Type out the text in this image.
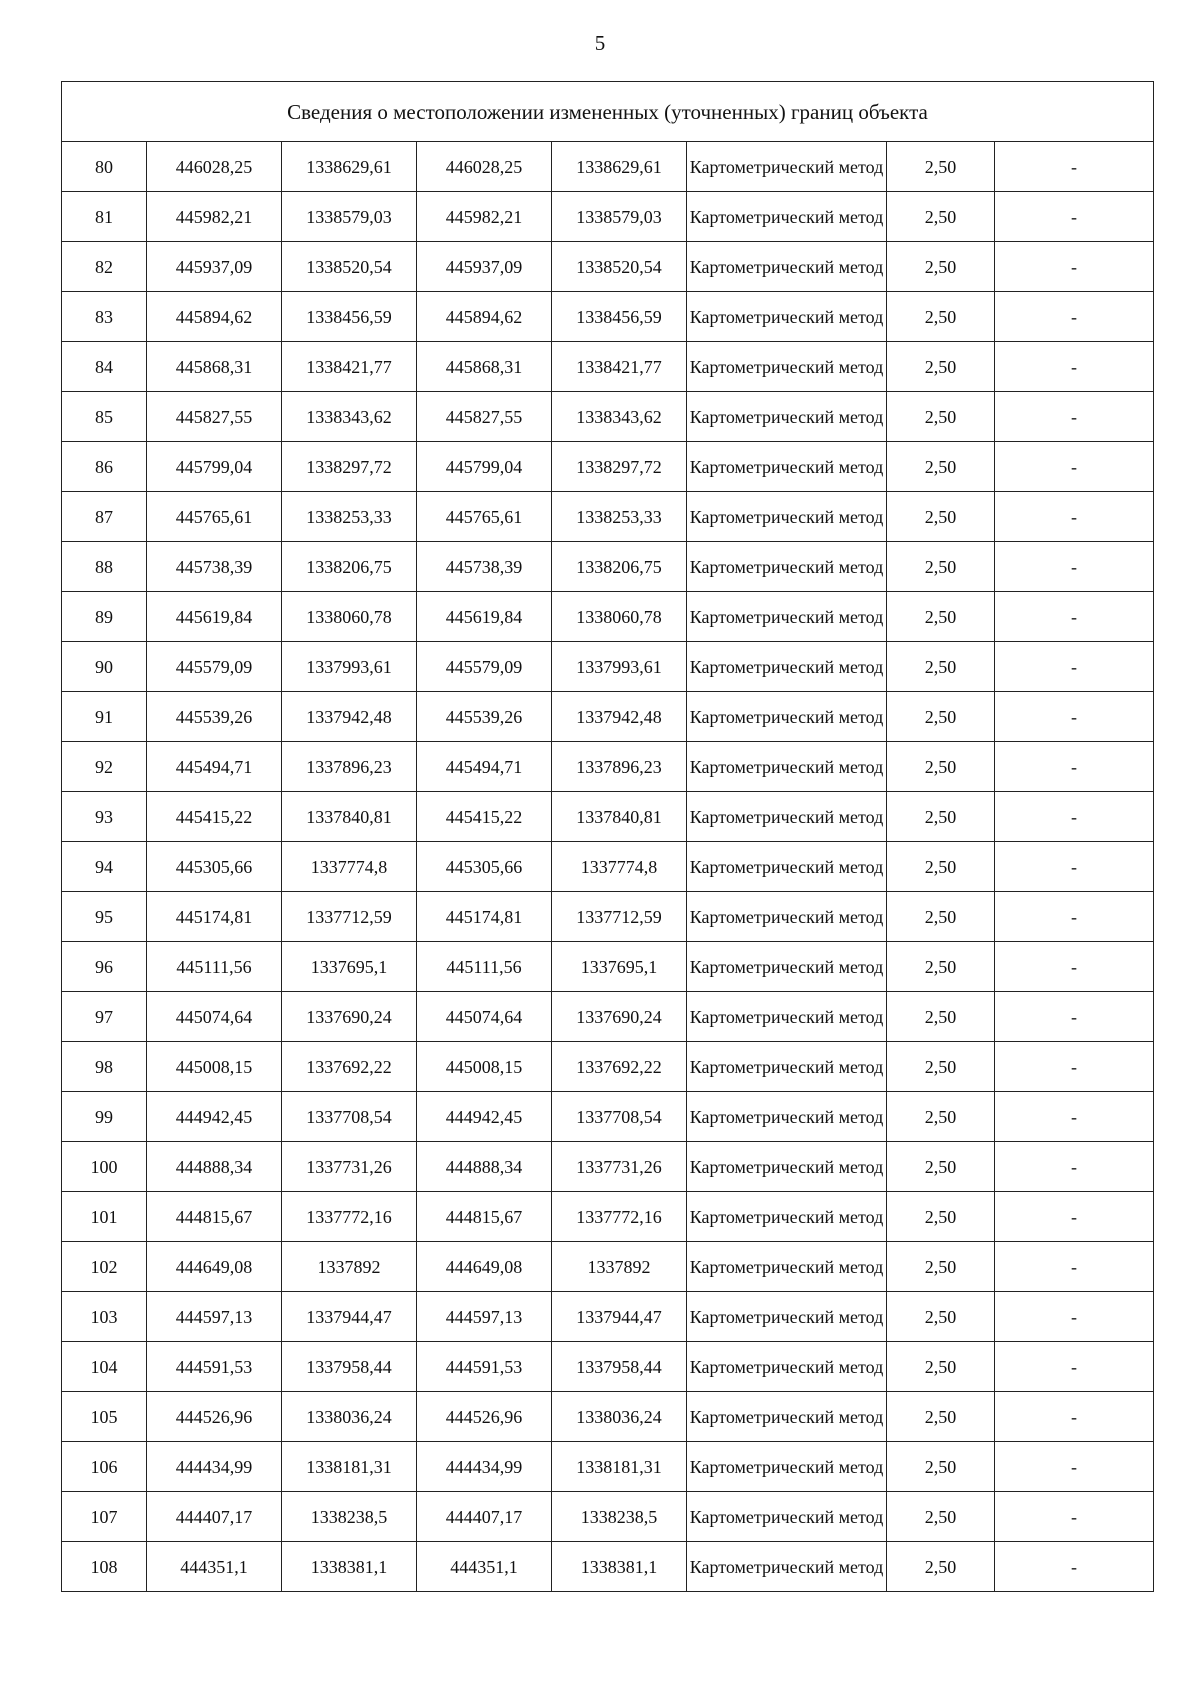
5
Сведения о местоположении измененных (уточненных) границ объекта							
80	446028,25	1338629,61	446028,25	1338629,61	Картометрический метод	2,50	-
81	445982,21	1338579,03	445982,21	1338579,03	Картометрический метод	2,50	-
82	445937,09	1338520,54	445937,09	1338520,54	Картометрический метод	2,50	-
83	445894,62	1338456,59	445894,62	1338456,59	Картометрический метод	2,50	-
84	445868,31	1338421,77	445868,31	1338421,77	Картометрический метод	2,50	-
85	445827,55	1338343,62	445827,55	1338343,62	Картометрический метод	2,50	-
86	445799,04	1338297,72	445799,04	1338297,72	Картометрический метод	2,50	-
87	445765,61	1338253,33	445765,61	1338253,33	Картометрический метод	2,50	-
88	445738,39	1338206,75	445738,39	1338206,75	Картометрический метод	2,50	-
89	445619,84	1338060,78	445619,84	1338060,78	Картометрический метод	2,50	-
90	445579,09	1337993,61	445579,09	1337993,61	Картометрический метод	2,50	-
91	445539,26	1337942,48	445539,26	1337942,48	Картометрический метод	2,50	-
92	445494,71	1337896,23	445494,71	1337896,23	Картометрический метод	2,50	-
93	445415,22	1337840,81	445415,22	1337840,81	Картометрический метод	2,50	-
94	445305,66	1337774,8	445305,66	1337774,8	Картометрический метод	2,50	-
95	445174,81	1337712,59	445174,81	1337712,59	Картометрический метод	2,50	-
96	445111,56	1337695,1	445111,56	1337695,1	Картометрический метод	2,50	-
97	445074,64	1337690,24	445074,64	1337690,24	Картометрический метод	2,50	-
98	445008,15	1337692,22	445008,15	1337692,22	Картометрический метод	2,50	-
99	444942,45	1337708,54	444942,45	1337708,54	Картометрический метод	2,50	-
100	444888,34	1337731,26	444888,34	1337731,26	Картометрический метод	2,50	-
101	444815,67	1337772,16	444815,67	1337772,16	Картометрический метод	2,50	-
102	444649,08	1337892	444649,08	1337892	Картометрический метод	2,50	-
103	444597,13	1337944,47	444597,13	1337944,47	Картометрический метод	2,50	-
104	444591,53	1337958,44	444591,53	1337958,44	Картометрический метод	2,50	-
105	444526,96	1338036,24	444526,96	1338036,24	Картометрический метод	2,50	-
106	444434,99	1338181,31	444434,99	1338181,31	Картометрический метод	2,50	-
107	444407,17	1338238,5	444407,17	1338238,5	Картометрический метод	2,50	-
108	444351,1	1338381,1	444351,1	1338381,1	Картометрический метод	2,50	-
